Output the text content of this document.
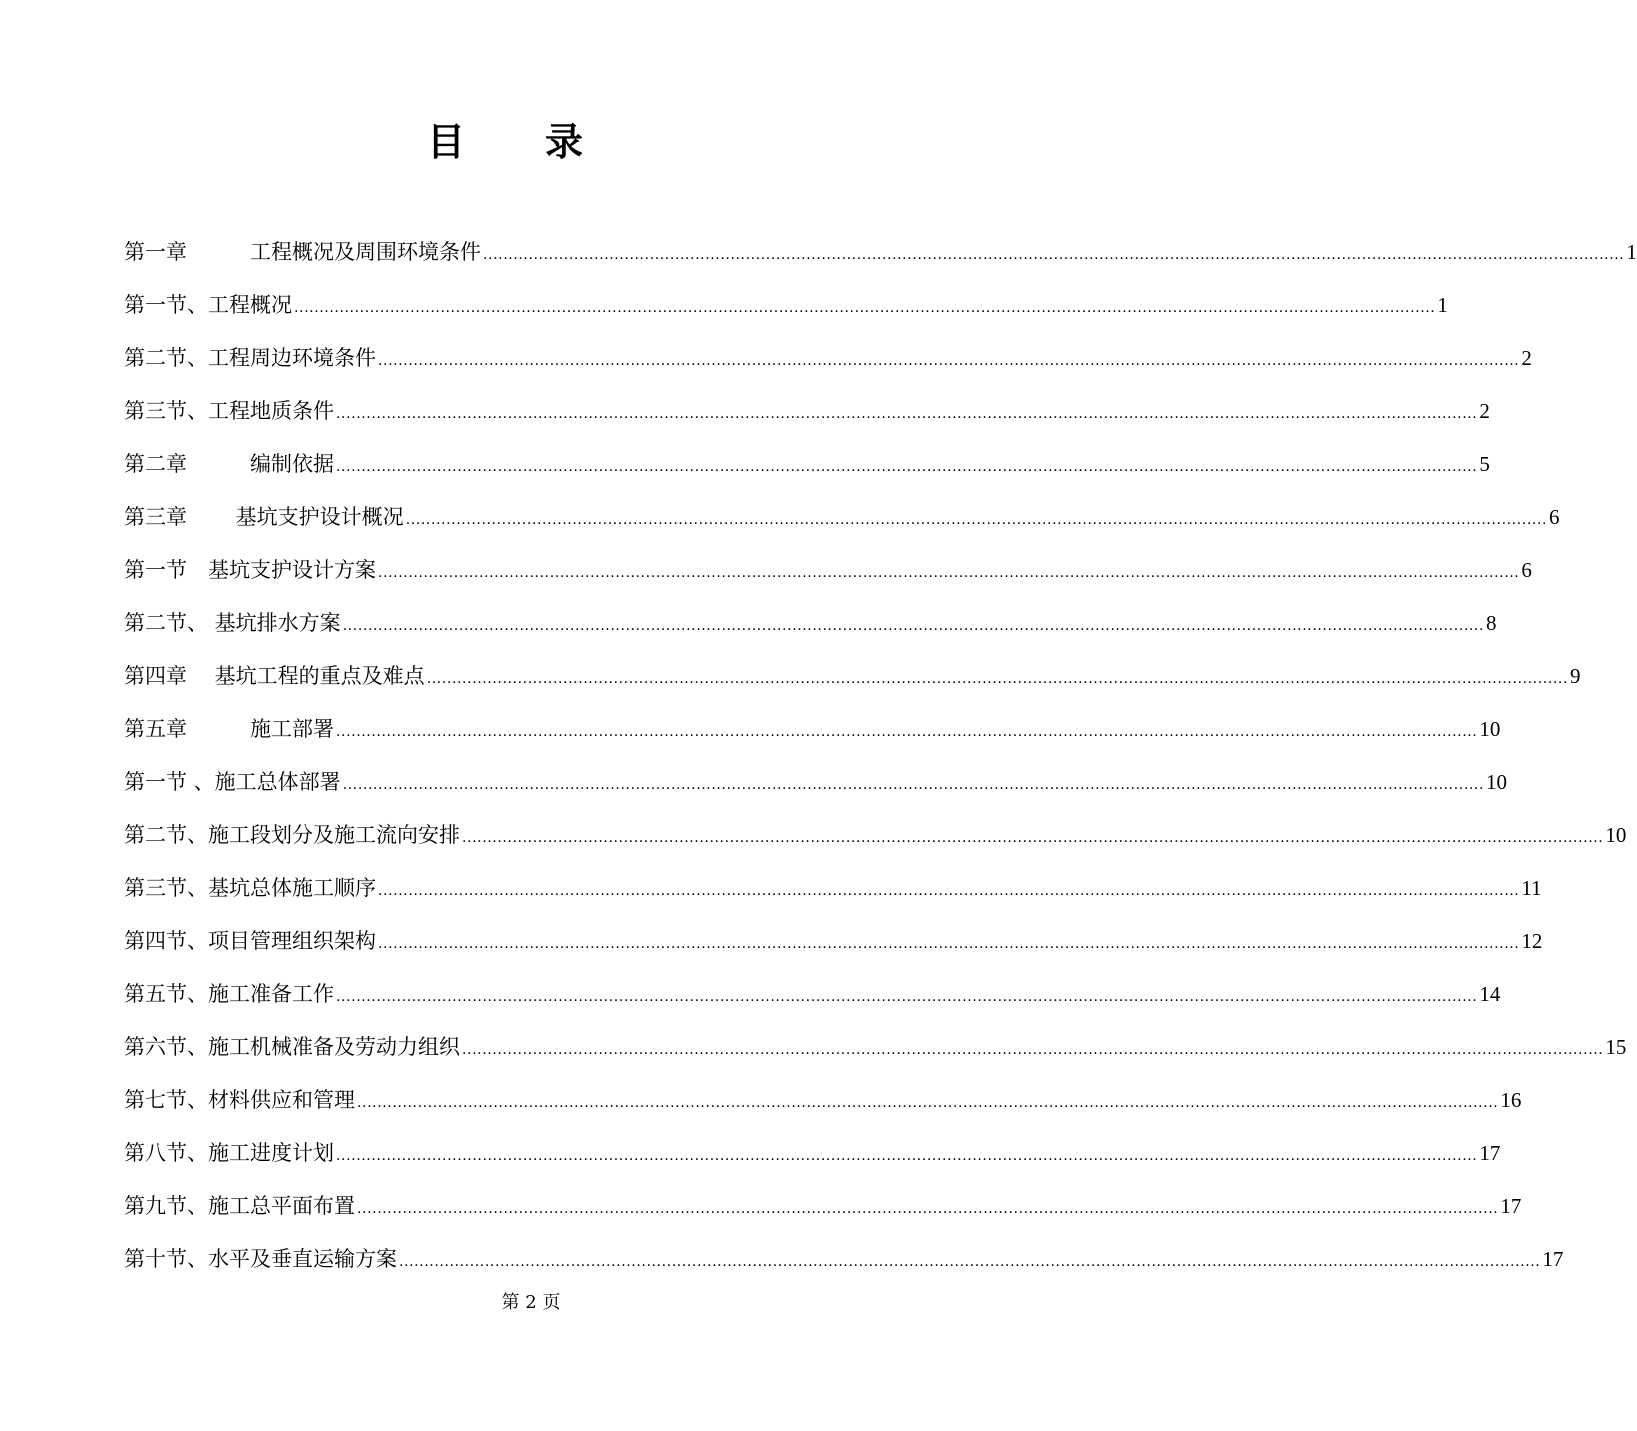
目 录
第一章　　　工程概况及周围环境条件 .................................................................................................................................................................................................................................. 1
第一节、工程概况 .................................................................................................................................................................................................................................. 1
第二节、工程周边环境条件 .................................................................................................................................................................................................................................. 2
第三节、工程地质条件 .................................................................................................................................................................................................................................. 2
第二章　　　编制依据 .................................................................................................................................................................................................................................. 5
第三章　　 基坑支护设计概况 .................................................................................................................................................................................................................................. 6
第一节　基坑支护设计方案 .................................................................................................................................................................................................................................. 6
第二节、 基坑排水方案 .................................................................................................................................................................................................................................. 8
第四章　 基坑工程的重点及难点 .................................................................................................................................................................................................................................. 9
第五章　　　施工部署 .................................................................................................................................................................................................................................. 10
第一节 、施工总体部署 .................................................................................................................................................................................................................................. 10
第二节、施工段划分及施工流向安排 .................................................................................................................................................................................................................................. 10
第三节、基坑总体施工顺序 .................................................................................................................................................................................................................................. 11
第四节、项目管理组织架构 .................................................................................................................................................................................................................................. 12
第五节、施工准备工作 .................................................................................................................................................................................................................................. 14
第六节、施工机械准备及劳动力组织 .................................................................................................................................................................................................................................. 15
第七节、材料供应和管理 .................................................................................................................................................................................................................................. 16
第八节、施工进度计划 .................................................................................................................................................................................................................................. 17
第九节、施工总平面布置 .................................................................................................................................................................................................................................. 17
第十节、水平及垂直运输方案 .................................................................................................................................................................................................................................. 17
第 2 页
